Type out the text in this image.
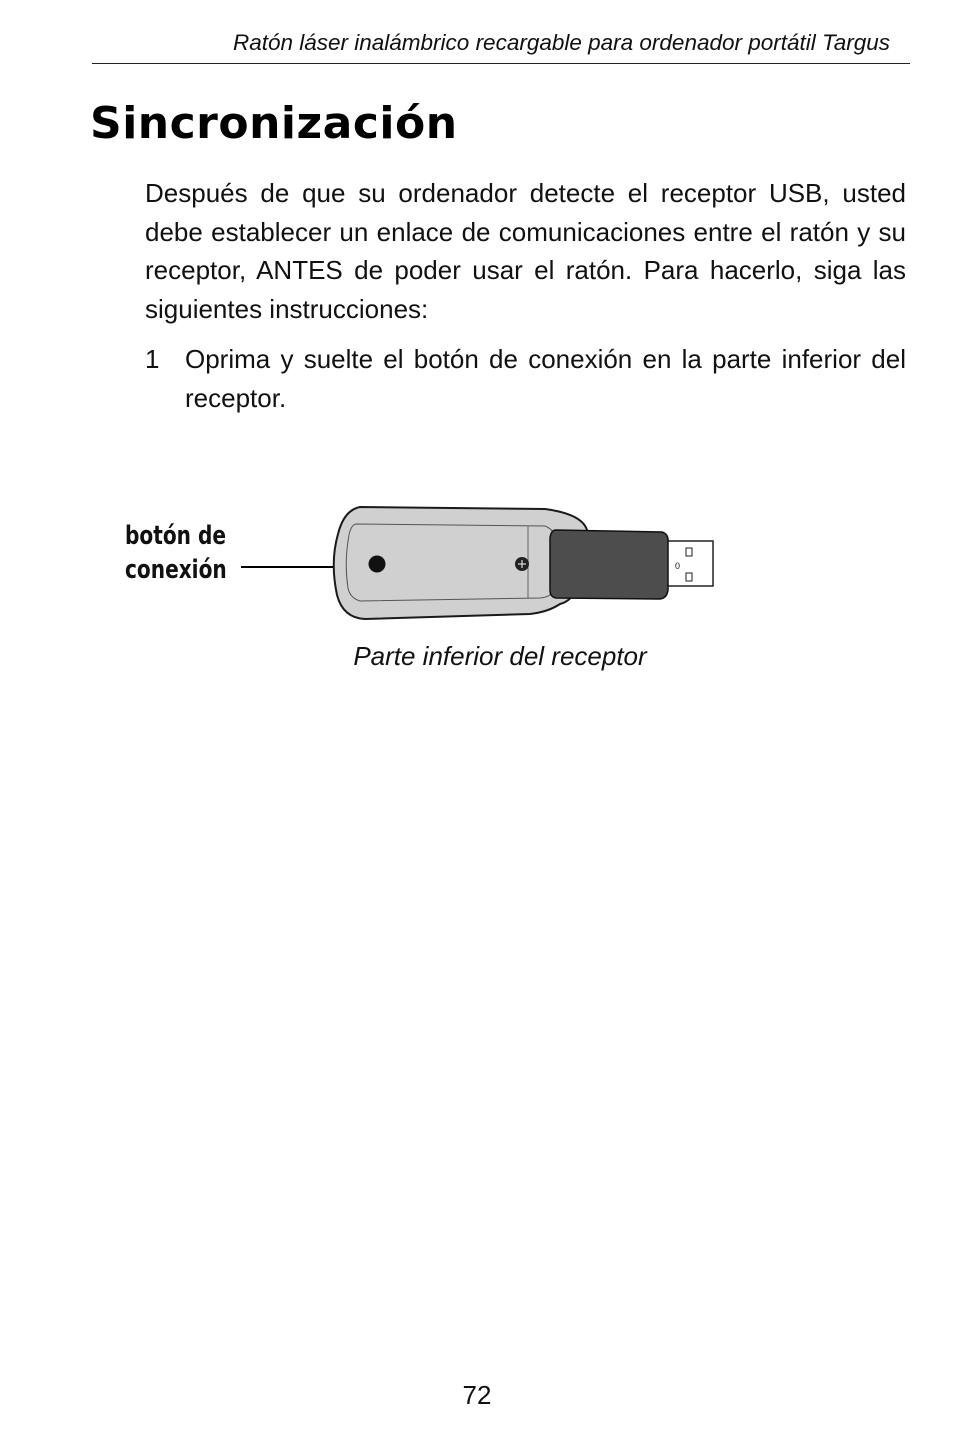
Ratón láser inalámbrico recargable para ordenador portátil Targus
Sincronización

Después de que su ordenador detecte el receptor USB, usted debe establecer un enlace de comunicaciones entre el ratón y su receptor, ANTES de poder usar el ratón. Para hacerlo, siga las siguientes instrucciones:

1 Oprima y suelte el botón de conexión en la parte inferior del receptor.

botón de
conexión	0
Parte inferior del receptor
72
